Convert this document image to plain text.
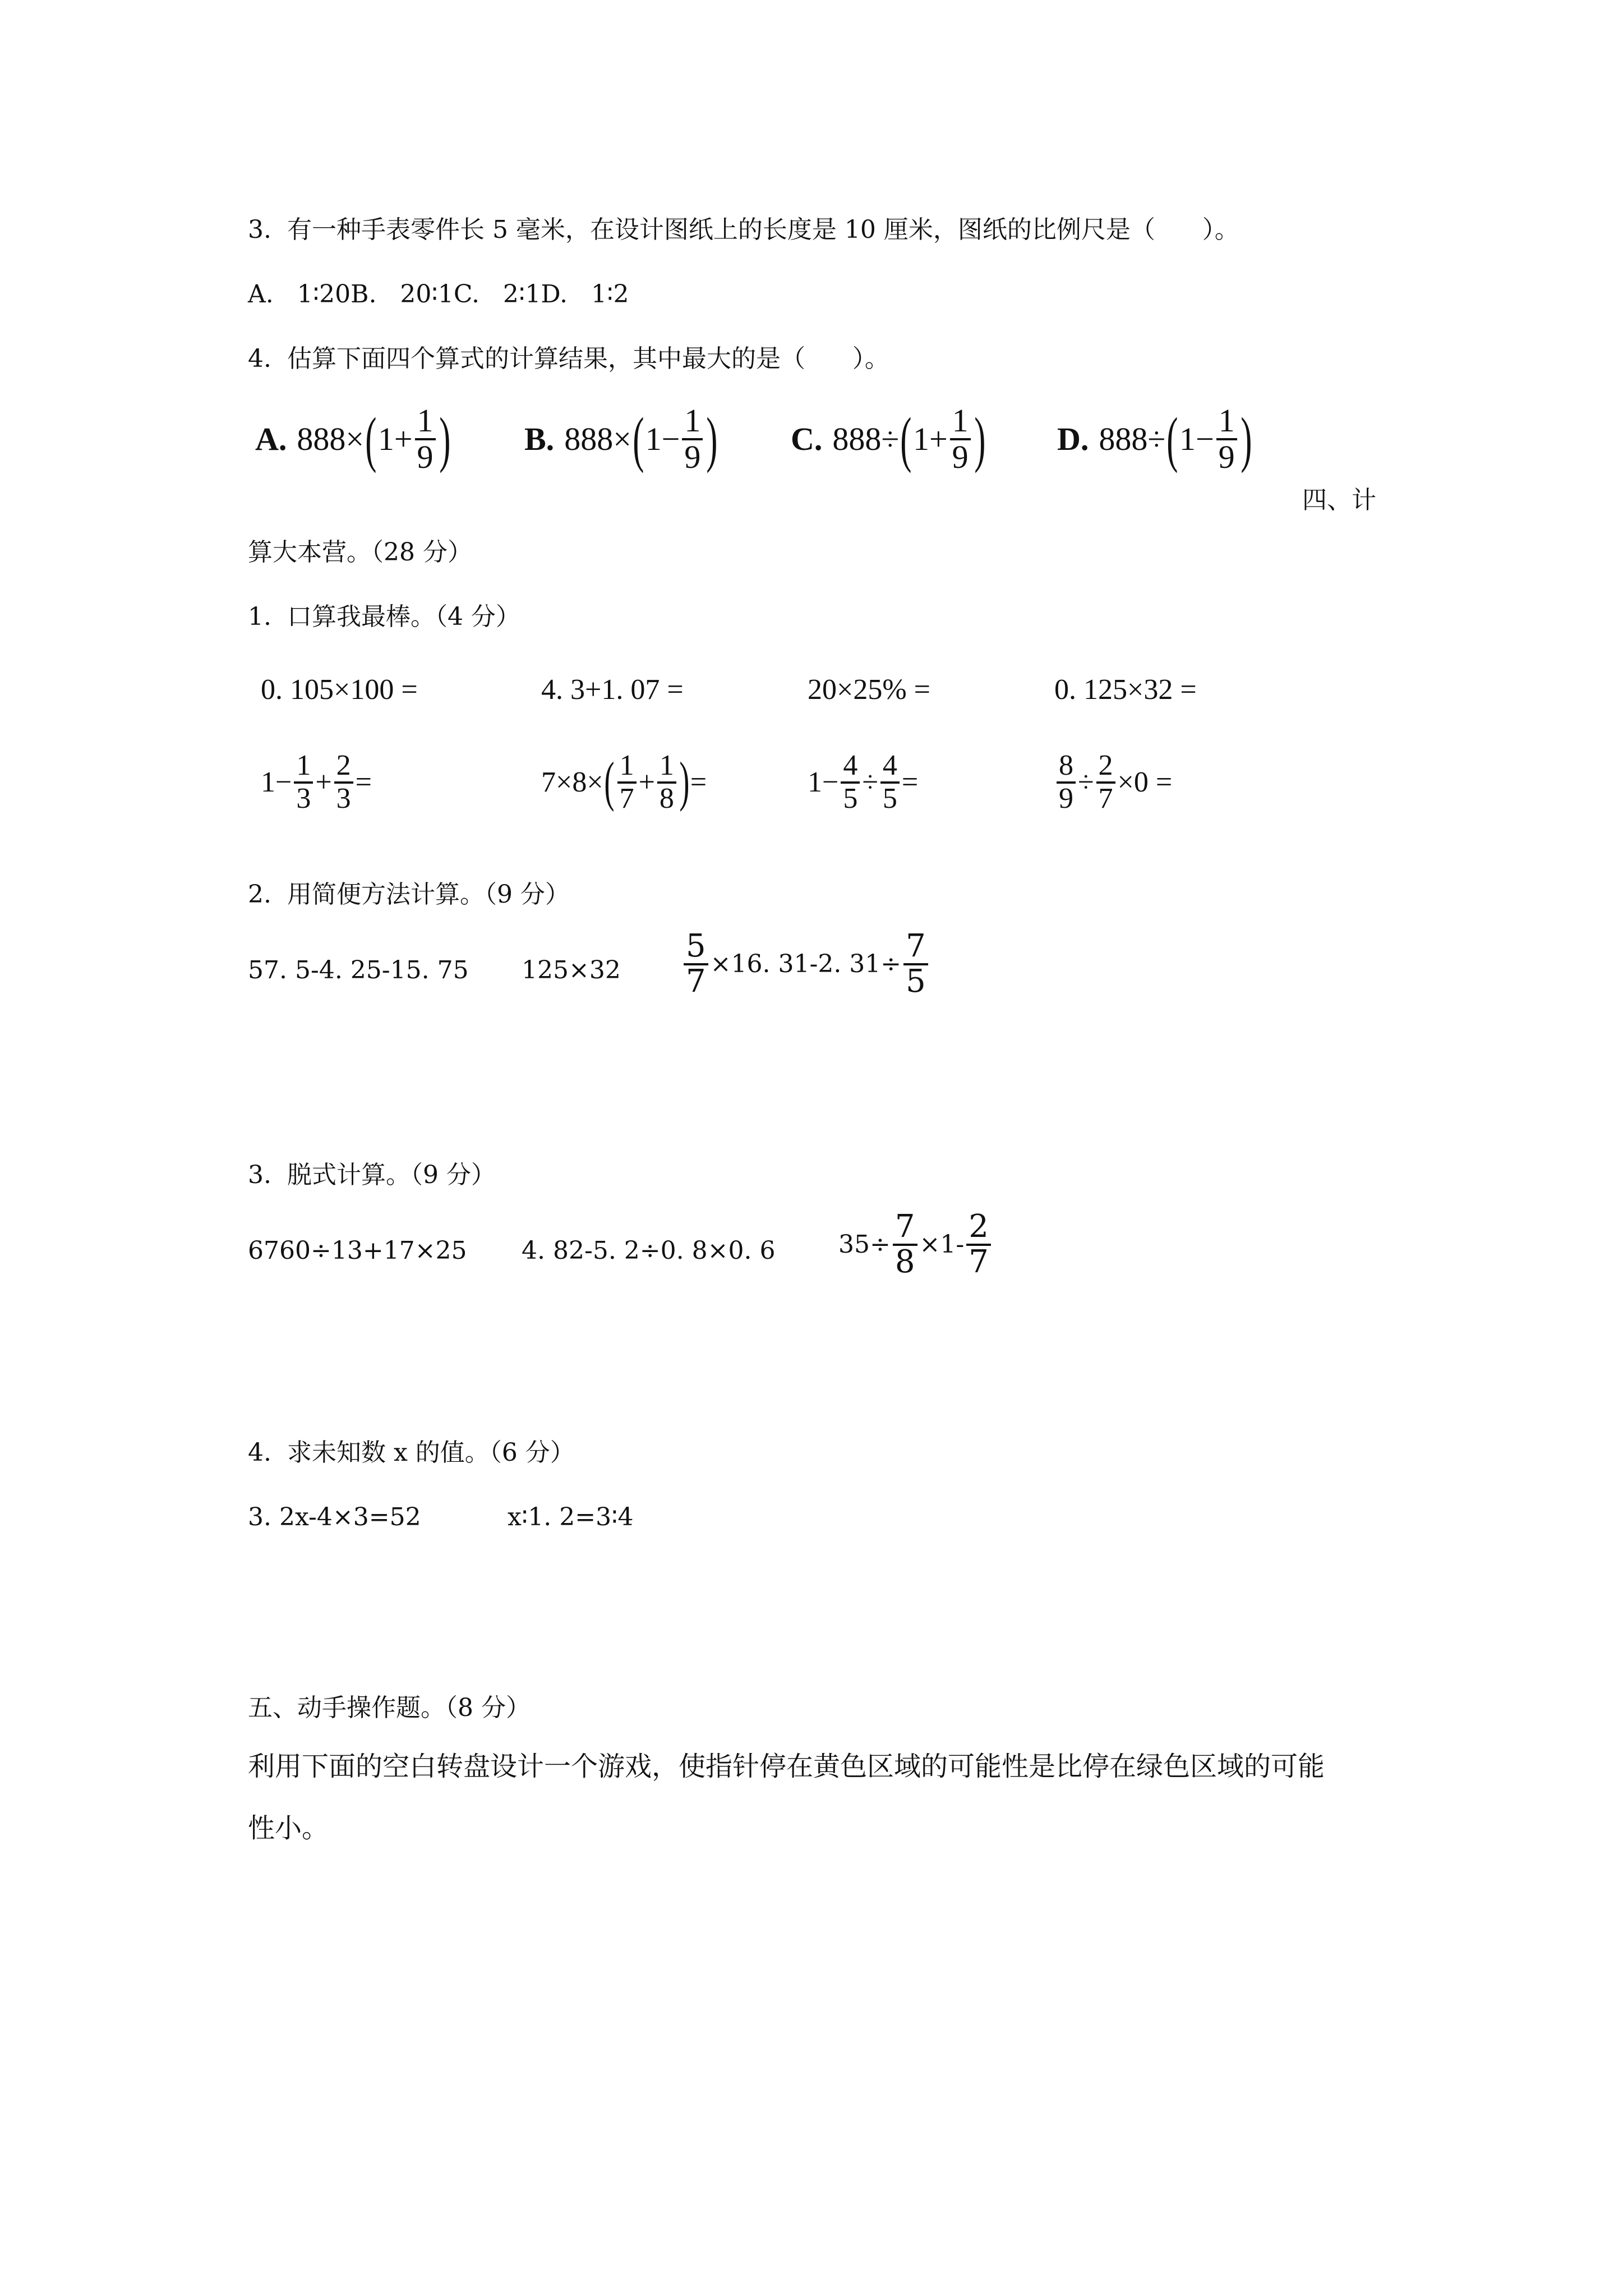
3.  有一种手表零件长 5 毫米，在设计图纸上的长度是 10 厘米，图纸的比例尺是（      ）。
A.   1∶20B.   20∶1C.   2∶1D.   1∶2
4.  估算下面四个算式的计算结果，其中最大的是（      ）。
A. 888× ( $1+ \frac{1}{9}$ ) B. 888× ( $1- \frac{1}{9}$ ) C. 888÷ ( $1+ \frac{1}{9}$ ) D. 888÷ ( $1- \frac{1}{9}$ )
四、计
算大本营。（28 分）
1.  口算我最棒。（4 分）
0. 105×100 =	4. 3+1. 07 =	20×25% =	0. 125×32 =
$1- \frac{1}{3} + \frac{2}{3}$ =	7×8× ( $\frac{1}{7} + \frac{1}{8}$ ) =	$1- \frac{4}{5} \div \frac{4}{5}$ =	$\frac{8}{9} \div \frac{2}{7} \times 0$ =
2.  用简便方法计算。（9 分）
57. 5-4. 25-15. 75 $125\times 32 \frac{5}{7} \times 16$. 31-2. $31\div \frac{7}{5}$
3.  脱式计算。（9 分）
6760÷13+17×25 4. 82-5. 2÷0. 8×0. 6	$35\div \frac{7}{8} \times 1- \frac{2}{7}$
4.  求未知数 x 的值。（6 分）
3. 2x-4×3=52	x∶1. 2=3∶4
五、动手操作题。（8 分）
利用下面的空白转盘设计一个游戏，使指针停在黄色区域的可能性是比停在绿色区域的可能
性小。
